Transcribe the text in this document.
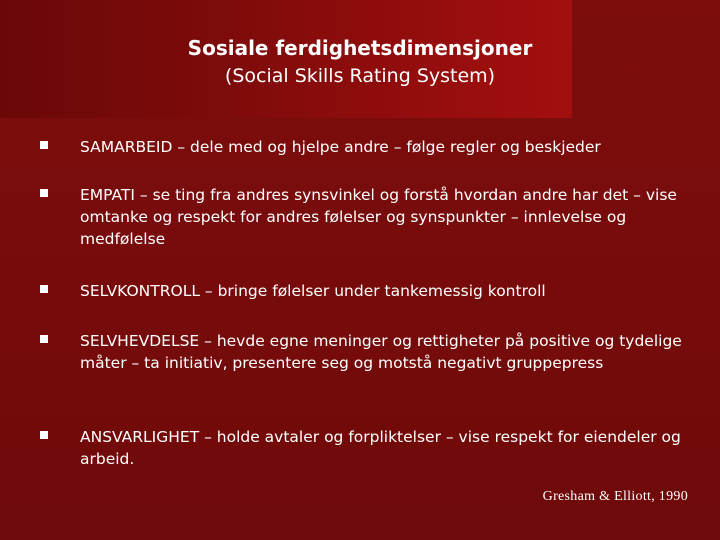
Sosiale ferdighetsdimensjoner
(Social Skills Rating System)
SAMARBEID – dele med og hjelpe andre – følge regler og beskjeder
EMPATI – se ting fra andres synsvinkel og forstå hvordan andre har det – vise omtanke og respekt for andres følelser og synspunkter – innlevelse og medfølelse
SELVKONTROLL – bringe følelser under tankemessig kontroll
SELVHEVDELSE – hevde egne meninger og rettigheter på positive og tydelige måter – ta initiativ, presentere seg og motstå negativt gruppepress
ANSVARLIGHET – holde avtaler og forpliktelser – vise respekt for eiendeler og arbeid.
Gresham & Elliott, 1990
